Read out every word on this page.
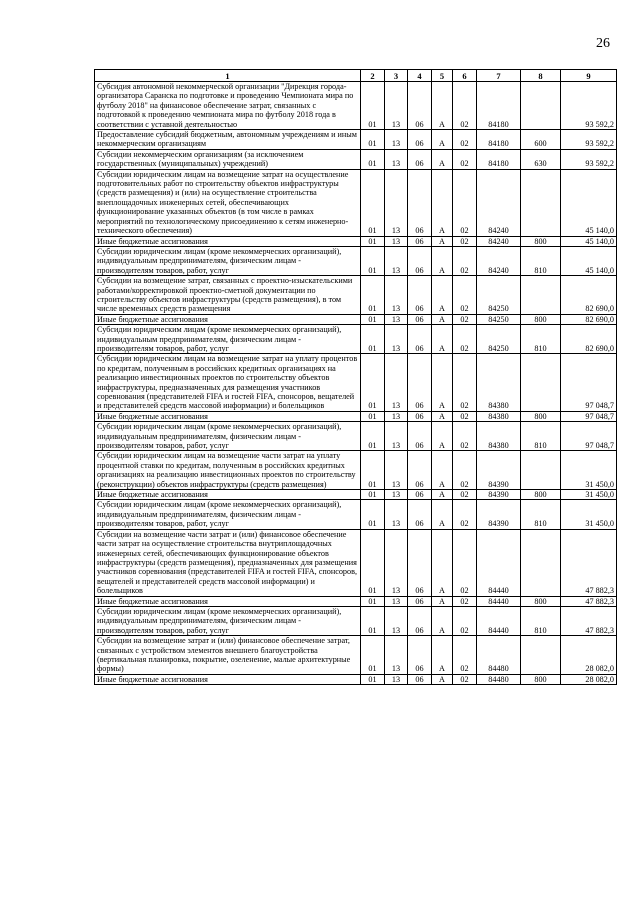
26
1	2	3	4	5	6	7	8	9
Субсидия автономной некоммерческой организации "Дирекция города-организатора Саранска по подготовке и проведению Чемпионата мира по футболу 2018" на финансовое обеспечение затрат, связанных с подготовкой к проведению чемпионата мира по футболу 2018 года в соответствии с уставной деятельностью	01	13	06	А	02	84180		93 592,2
Предоставление субсидий бюджетным, автономным учреждениям и иным некоммерческим организациям	01	13	06	А	02	84180	600	93 592,2
Субсидии некоммерческим организациям (за исключением государственных (муниципальных) учреждений)	01	13	06	А	02	84180	630	93 592,2
Субсидии юридическим лицам на возмещение затрат на осуществление подготовительных работ по строительству объектов инфраструктуры (средств размещения) и (или) на осуществление строительства внеплощадочных инженерных сетей, обеспечивающих функционирование указанных объектов (в том числе в рамках мероприятий по технологическому присоединению к сетям инженерно-технического обеспечения)	01	13	06	А	02	84240		45 140,0
Иные бюджетные ассигнования	01	13	06	А	02	84240	800	45 140,0
Субсидии юридическим лицам (кроме некоммерческих организаций), индивидуальным предпринимателям, физическим лицам - производителям товаров, работ, услуг	01	13	06	А	02	84240	810	45 140,0
Субсидии на возмещение затрат, связанных с проектно-изыскательскими работами/корректировкой проектно-сметной документации по строительству объектов инфраструктуры (средств размещения), в том числе временных средств размещения	01	13	06	А	02	84250		82 690,0
Иные бюджетные ассигнования	01	13	06	А	02	84250	800	82 690,0
Субсидии юридическим лицам (кроме некоммерческих организаций), индивидуальным предпринимателям, физическим лицам - производителям товаров, работ, услуг	01	13	06	А	02	84250	810	82 690,0
Субсидии юридическим лицам на возмещение затрат на уплату процентов по кредитам, полученным в российских кредитных организациях на реализацию инвестиционных проектов по строительству объектов инфраструктуры, предназначенных для размещения участников соревнования (представителей FIFA и гостей FIFA, спонсоров, вещателей и представителей средств массовой информации) и болельщиков	01	13	06	А	02	84380		97 048,7
Иные бюджетные ассигнования	01	13	06	А	02	84380	800	97 048,7
Субсидии юридическим лицам (кроме некоммерческих организаций), индивидуальным предпринимателям, физическим лицам - производителям товаров, работ, услуг	01	13	06	А	02	84380	810	97 048,7
Субсидии юридическим лицам на возмещение части затрат на уплату процентной ставки по кредитам, полученным в российских кредитных организациях на реализацию инвестиционных проектов по строительству (реконструкции) объектов инфраструктуры (средств размещения)	01	13	06	А	02	84390		31 450,0
Иные бюджетные ассигнования	01	13	06	А	02	84390	800	31 450,0
Субсидии юридическим лицам (кроме некоммерческих организаций), индивидуальным предпринимателям, физическим лицам - производителям товаров, работ, услуг	01	13	06	А	02	84390	810	31 450,0
Субсидии на возмещение части затрат и (или) финансовое обеспечение части затрат на осуществление строительства внутриплощадочных инженерных сетей, обеспечивающих функционирование объектов инфраструктуры (средств размещения), предназначенных для размещения участников соревнования (представителей FIFA и гостей FIFA, спонсоров, вещателей и представителей средств массовой информации) и болельщиков	01	13	06	А	02	84440		47 882,3
Иные бюджетные ассигнования	01	13	06	А	02	84440	800	47 882,3
Субсидии юридическим лицам (кроме некоммерческих организаций), индивидуальным предпринимателям, физическим лицам - производителям товаров, работ, услуг	01	13	06	А	02	84440	810	47 882,3
Субсидии на возмещение затрат и (или) финансовое обеспечение затрат, связанных с устройством элементов внешнего благоустройства (вертикальная планировка, покрытие, озеленение, малые архитектурные формы)	01	13	06	А	02	84480		28 082,0
Иные бюджетные ассигнования	01	13	06	А	02	84480	800	28 082,0
